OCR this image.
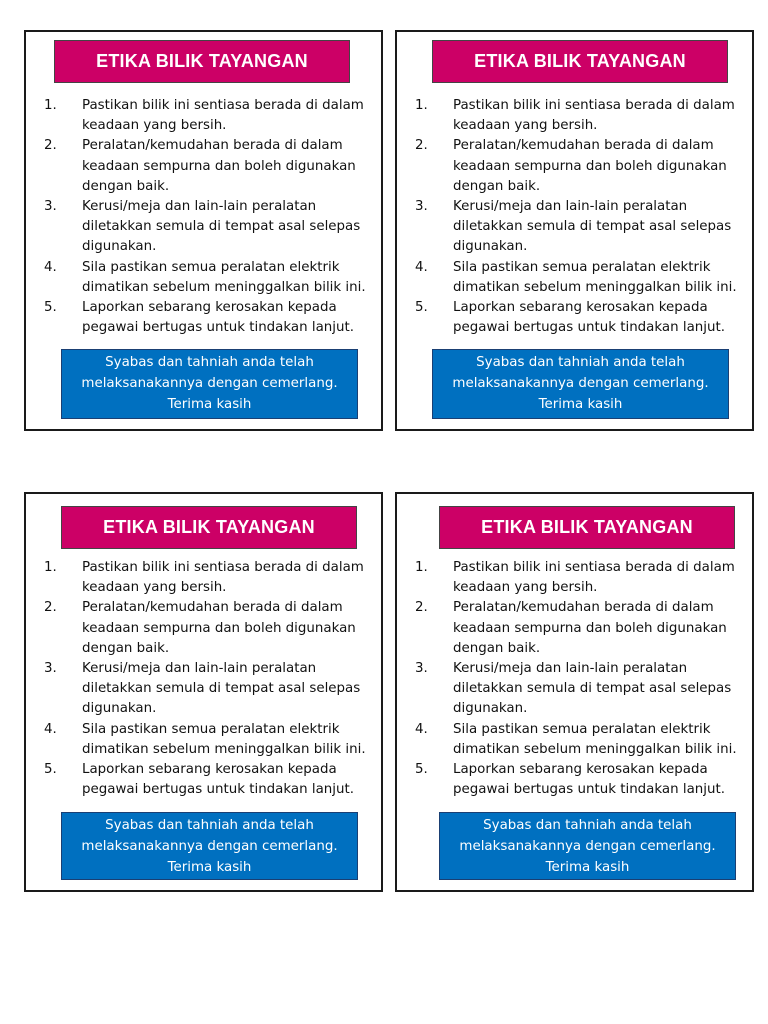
ETIKA BILIK TAYANGAN
1.	Pastikan bilik ini sentiasa berada di dalam
keadaan yang bersih.
2.	Peralatan/kemudahan berada di dalam
keadaan sempurna dan boleh digunakan
dengan baik.
3.	Kerusi/meja dan lain-lain peralatan
diletakkan semula di tempat asal selepas
digunakan.
4.	Sila pastikan semua peralatan elektrik
dimatikan sebelum meninggalkan bilik ini.
5.	Laporkan sebarang kerosakan kepada
pegawai bertugas untuk tindakan lanjut.
Syabas dan tahniah anda telah
melaksanakannya dengan cemerlang.
Terima kasih
ETIKA BILIK TAYANGAN
1.	Pastikan bilik ini sentiasa berada di dalam
keadaan yang bersih.
2.	Peralatan/kemudahan berada di dalam
keadaan sempurna dan boleh digunakan
dengan baik.
3.	Kerusi/meja dan lain-lain peralatan
diletakkan semula di tempat asal selepas
digunakan.
4.	Sila pastikan semua peralatan elektrik
dimatikan sebelum meninggalkan bilik ini.
5.	Laporkan sebarang kerosakan kepada
pegawai bertugas untuk tindakan lanjut.
Syabas dan tahniah anda telah
melaksanakannya dengan cemerlang.
Terima kasih
ETIKA BILIK TAYANGAN
1.	Pastikan bilik ini sentiasa berada di dalam
keadaan yang bersih.
2.	Peralatan/kemudahan berada di dalam
keadaan sempurna dan boleh digunakan
dengan baik.
3.	Kerusi/meja dan lain-lain peralatan
diletakkan semula di tempat asal selepas
digunakan.
4.	Sila pastikan semua peralatan elektrik
dimatikan sebelum meninggalkan bilik ini.
5.	Laporkan sebarang kerosakan kepada
pegawai bertugas untuk tindakan lanjut.
Syabas dan tahniah anda telah
melaksanakannya dengan cemerlang.
Terima kasih
ETIKA BILIK TAYANGAN
1.	Pastikan bilik ini sentiasa berada di dalam
keadaan yang bersih.
2.	Peralatan/kemudahan berada di dalam
keadaan sempurna dan boleh digunakan
dengan baik.
3.	Kerusi/meja dan lain-lain peralatan
diletakkan semula di tempat asal selepas
digunakan.
4.	Sila pastikan semua peralatan elektrik
dimatikan sebelum meninggalkan bilik ini.
5.	Laporkan sebarang kerosakan kepada
pegawai bertugas untuk tindakan lanjut.
Syabas dan tahniah anda telah
melaksanakannya dengan cemerlang.
Terima kasih
